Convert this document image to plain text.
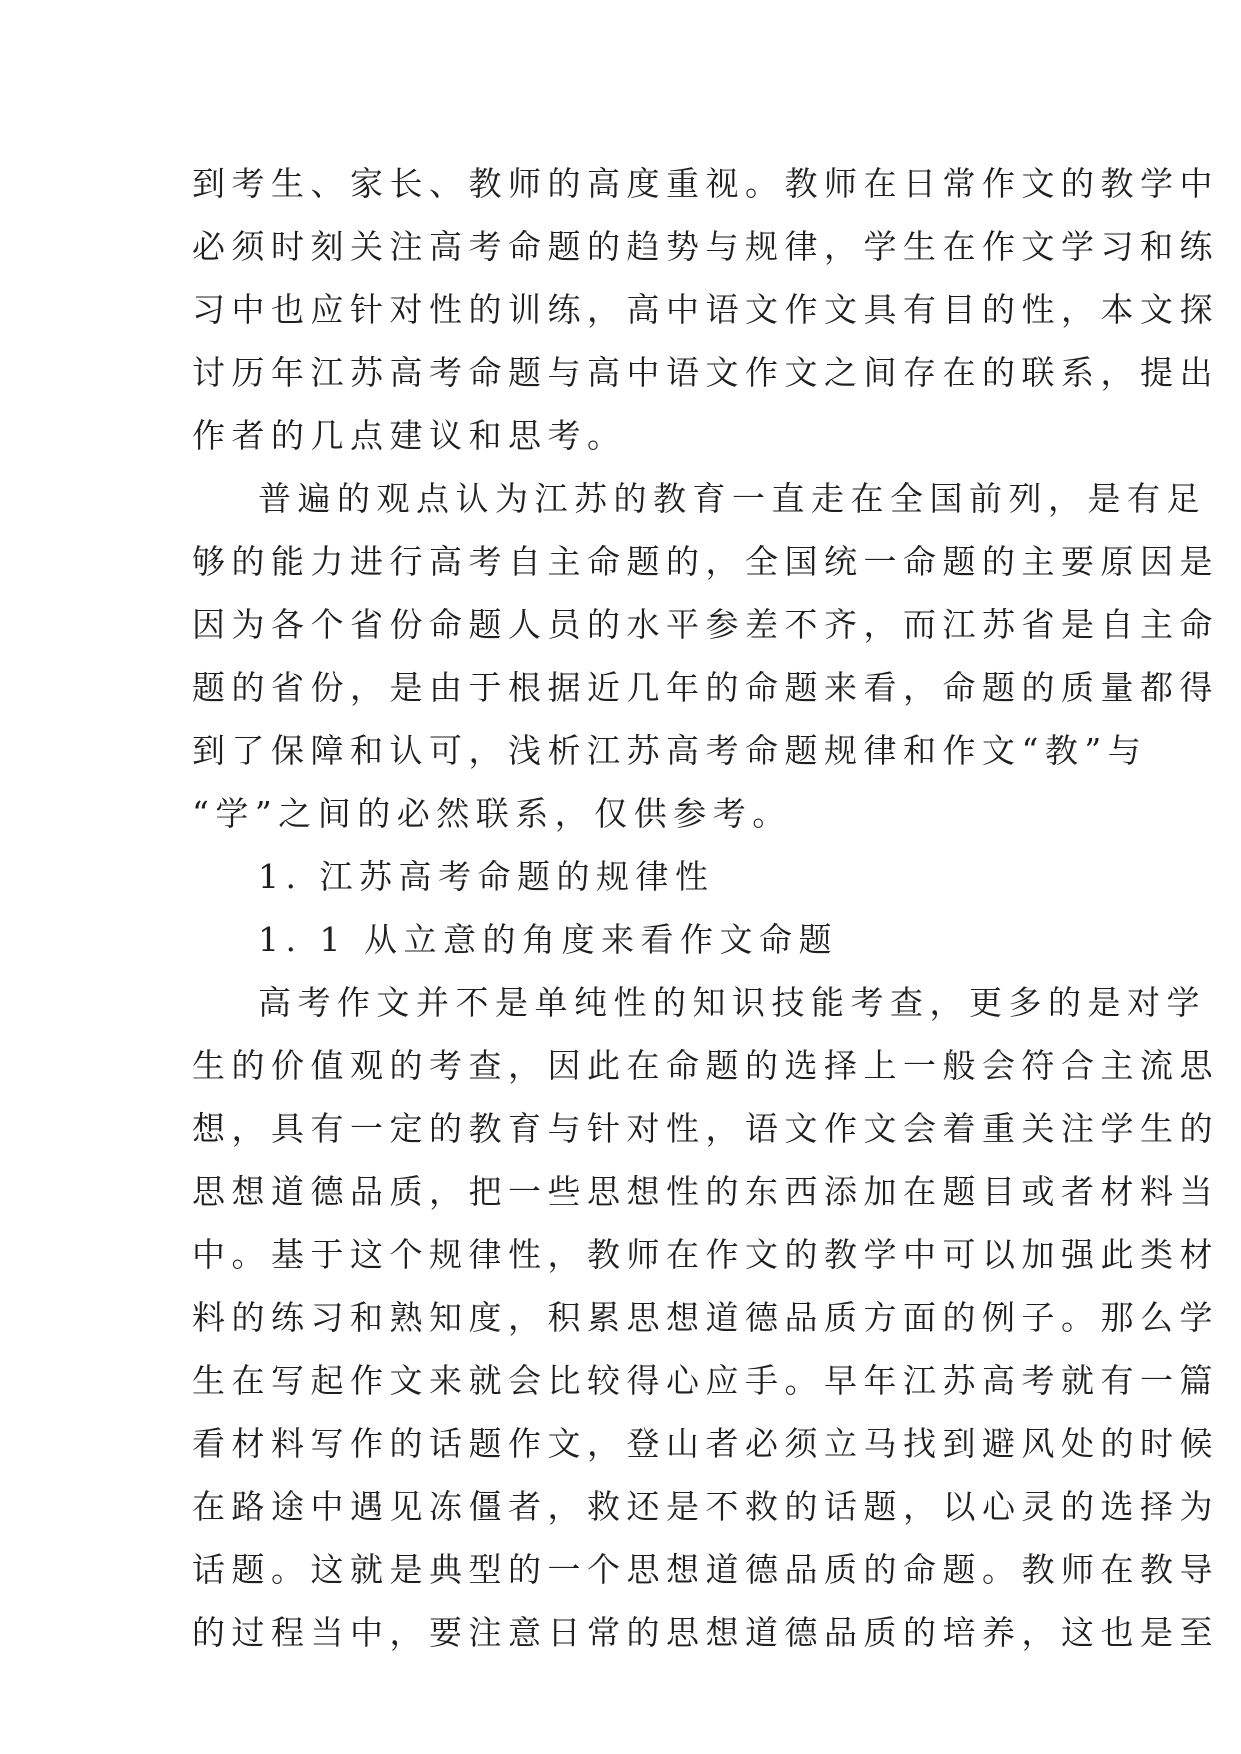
到考生、家长、教师的高度重视。教师在日常作文的教学中
必须时刻关注高考命题的趋势与规律，学生在作文学习和练
习中也应针对性的训练，高中语文作文具有目的性，本文探
讨历年江苏高考命题与高中语文作文之间存在的联系，提出
作者的几点建议和思考。
普遍的观点认为江苏的教育一直走在全国前列，是有足
够的能力进行高考自主命题的，全国统一命题的主要原因是
因为各个省份命题人员的水平参差不齐，而江苏省是自主命
题的省份，是由于根据近几年的命题来看，命题的质量都得
到了保障和认可，浅析江苏高考命题规律和作文“教”与
“学”之间的必然联系，仅供参考。
1. 江苏高考命题的规律性
1. 1 从立意的角度来看作文命题
高考作文并不是单纯性的知识技能考查，更多的是对学
生的价值观的考查，因此在命题的选择上一般会符合主流思
想，具有一定的教育与针对性，语文作文会着重关注学生的
思想道德品质，把一些思想性的东西添加在题目或者材料当
中。基于这个规律性，教师在作文的教学中可以加强此类材
料的练习和熟知度，积累思想道德品质方面的例子。那么学
生在写起作文来就会比较得心应手。早年江苏高考就有一篇
看材料写作的话题作文，登山者必须立马找到避风处的时候
在路途中遇见冻僵者，救还是不救的话题，以心灵的选择为
话题。这就是典型的一个思想道德品质的命题。教师在教导
的过程当中，要注意日常的思想道德品质的培养，这也是至
